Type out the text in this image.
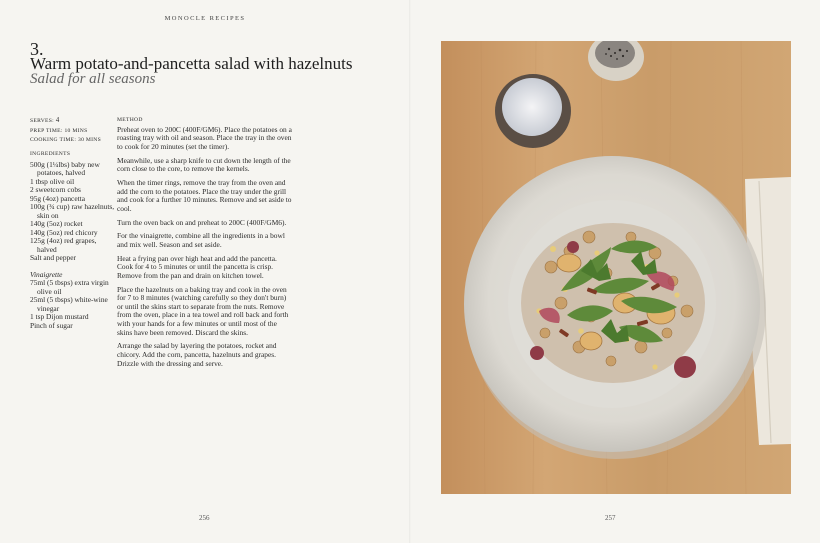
MONOCLE RECIPES
3.
Warm potato-and-pancetta salad with hazelnuts
Salad for all seasons
SERVES: 4
PREP TIME: 10 MINS
COOKING TIME: 30 MINS
INGREDIENTS
500g (1¼lbs) baby new potatoes, halved
1 tbsp olive oil
2 sweetcorn cobs
95g (4oz) pancetta
100g (¾ cup) raw hazelnuts, skin on
140g (5oz) rocket
140g (5oz) red chicory
125g (4oz) red grapes, halved
Salt and pepper
Vinaigrette
75ml (5 tbsps) extra virgin olive oil
25ml (5 tbsps) white-wine vinegar
1 tsp Dijon mustard
Pinch of sugar
METHOD

Preheat oven to 200C (400F/GM6). Place the potatoes on a roasting tray with oil and season. Place the tray in the oven to cook for 20 minutes (set the timer).

Meanwhile, use a sharp knife to cut down the length of the corn close to the core, to remove the kernels.

When the timer rings, remove the tray from the oven and add the corn to the potatoes. Place the tray under the grill and cook for a further 10 minutes. Remove and set aside to cool.

Turn the oven back on and preheat to 200C (400F/GM6).

For the vinaigrette, combine all the ingredients in a bowl and mix well. Season and set aside.

Heat a frying pan over high heat and add the pancetta. Cook for 4 to 5 minutes or until the pancetta is crisp. Remove from the pan and drain on kitchen towel.

Place the hazelnuts on a baking tray and cook in the oven for 7 to 8 minutes (watching carefully so they don't burn) or until the skins start to separate from the nuts. Remove from the oven, place in a tea towel and roll back and forth with your hands for a few minutes or until most of the skins have been removed. Discard the skins.

Arrange the salad by layering the potatoes, rocket and chicory. Add the corn, pancetta, hazelnuts and grapes. Drizzle with the dressing and serve.

256	257
